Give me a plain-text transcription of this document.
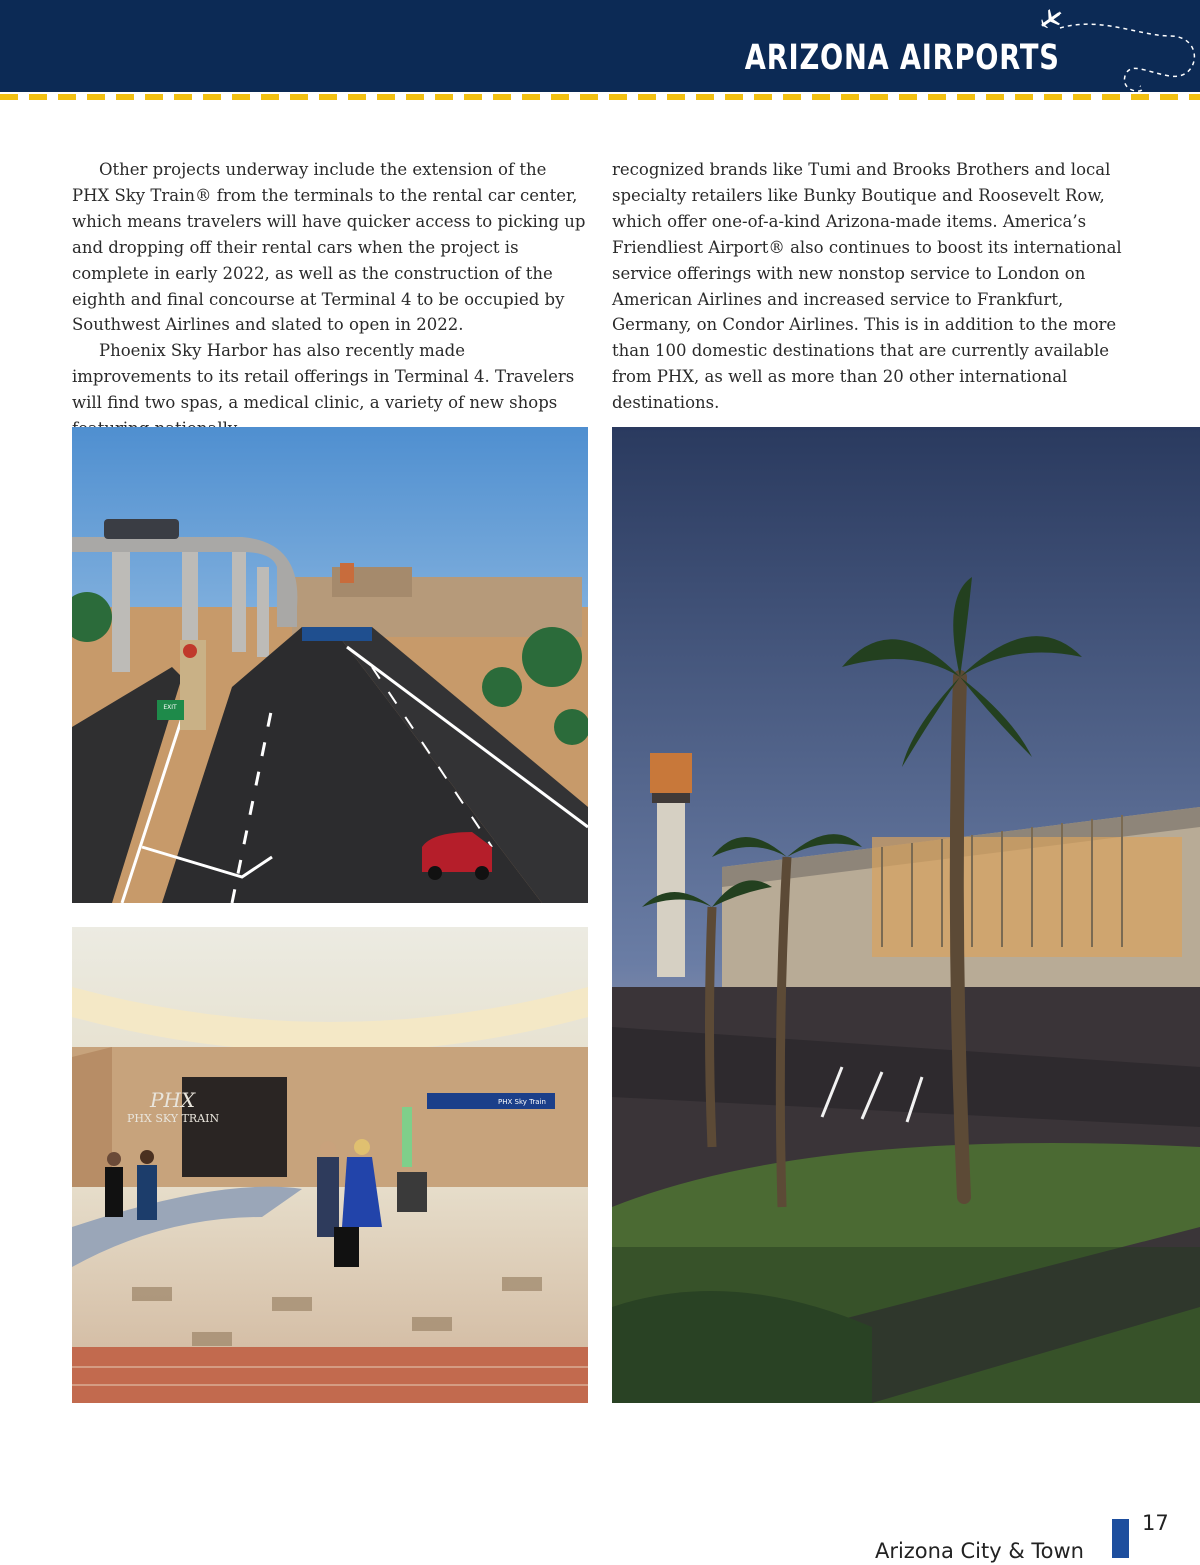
ARIZONA AIRPORTS

Other projects underway include the extension of the PHX Sky Train® from the terminals to the rental car center, which means travelers will have quicker access to picking up and dropping off their rental cars when the project is complete in early 2022, as well as the construction of the eighth and final concourse at Terminal 4 to be occupied by Southwest Airlines and slated to open in 2022.

Phoenix Sky Harbor has also recently made improvements to its retail offerings in Terminal 4. Travelers will find two spas, a medical clinic, a variety of new shops

recognized brands like Tumi and Brooks Brothers and local specialty retailers like Bunky Boutique and Roosevelt Row, which offer one-of-a-kind Arizona-made items. America’s Friendliest Airport® also continues to boost its international service offerings with new nonstop service to London on American Airlines and increased service to Frankfurt, Germany, on Condor Airlines. This is in addition to the more than 100 domestic destinations that are currently available from PHX, as well as more than 20 other international destinations.

EXIT
PHX
PHX SKY TRAIN
PHX Sky Train
Arizona City & Town
17
